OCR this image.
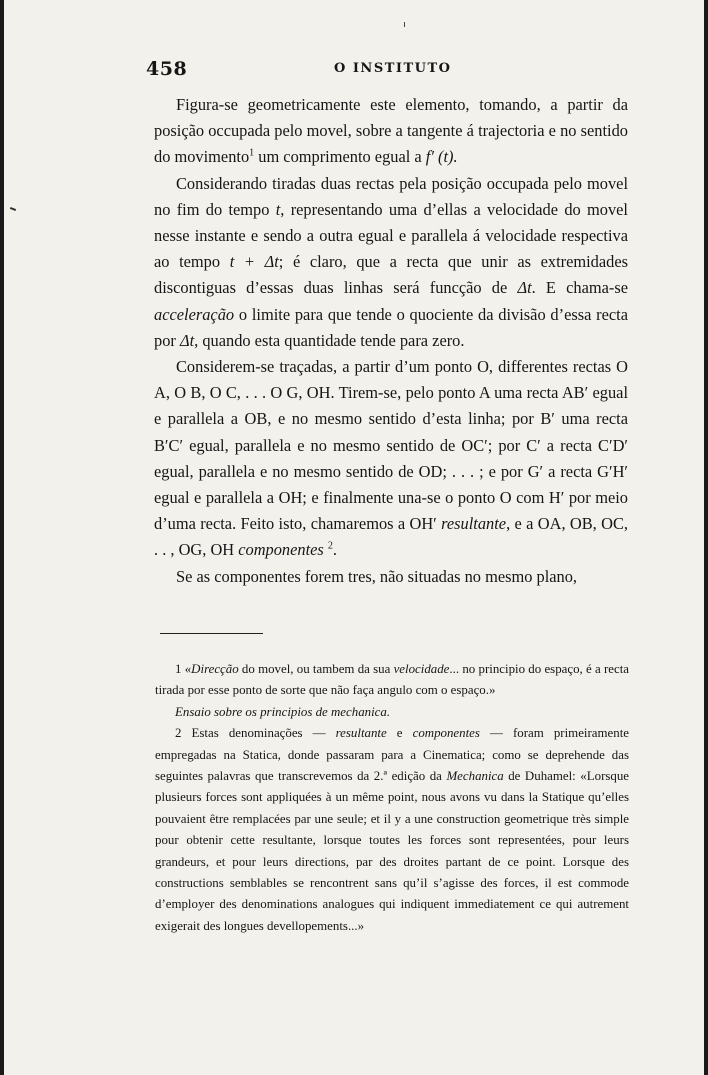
458	O INSTITUTO

Figura-se geometricamente este elemento, tomando, a partir da posição occupada pelo movel, sobre a tangente á trajectoria e no sentido do movimento$^1$ um comprimento egual a f′ (t).

Considerando tiradas duas rectas pela posição occupada pelo movel no fim do tempo t, representando uma d’ellas a velocidade do movel nesse instante e sendo a outra egual e parallela á velocidade respectiva ao tempo t + Δt; é claro, que a recta que unir as extremidades discontiguas d’essas duas linhas será funcção de Δt. E chama-se acceleração o limite para que tende o quociente da divisão d’essa recta por Δt, quando esta quantidade tende para zero.

Considerem-se traçadas, a partir d’um ponto O, differentes rectas O A, O B, O C, . . . O G, OH. Tirem-se, pelo ponto A uma recta AB′ egual e parallela a OB, e no mesmo sentido d’esta linha; por B′ uma recta B′C′ egual, parallela e no mesmo sentido de OC′; por C′ a recta C′D′ egual, parallela e no mesmo sentido de OD; . . . ; e por G′ a recta G′H′ egual e parallela a OH; e finalmente una-se o ponto O com H′ por meio d’uma recta. Feito isto, chamaremos a OH′ resultante, e a OA, OB, OC, . . , OG, OH componentes $^2$.

Se as componentes forem tres, não situadas no mesmo plano,

1 «Direcção do movel, ou tambem da sua velocidade... no principio do espaço, é a recta tirada por esse ponto de sorte que não faça angulo com o espaço.»

Ensaio sobre os principios de mechanica.

2 Estas denominações — resultante e componentes — foram primeiramente empregadas na Statica, donde passaram para a Cinematica; como se deprehende das seguintes palavras que transcrevemos da 2.ª edição da Mechanica de Duhamel: «Lorsque plusieurs forces sont appliquées à un même point, nous avons vu dans la Statique qu’elles pouvaient être remplacées par une seule; et il y a une construction geometrique très simple pour obtenir cette resultante, lorsque toutes les forces sont representées, pour leurs grandeurs, et pour leurs directions, par des droites partant de ce point. Lorsque des constructions semblables se rencontrent sans qu’il s’agisse des forces, il est commode d’employer des denominations analogues qui indiquent immediatement ce qui autrement exigerait des longues devellopements...»
